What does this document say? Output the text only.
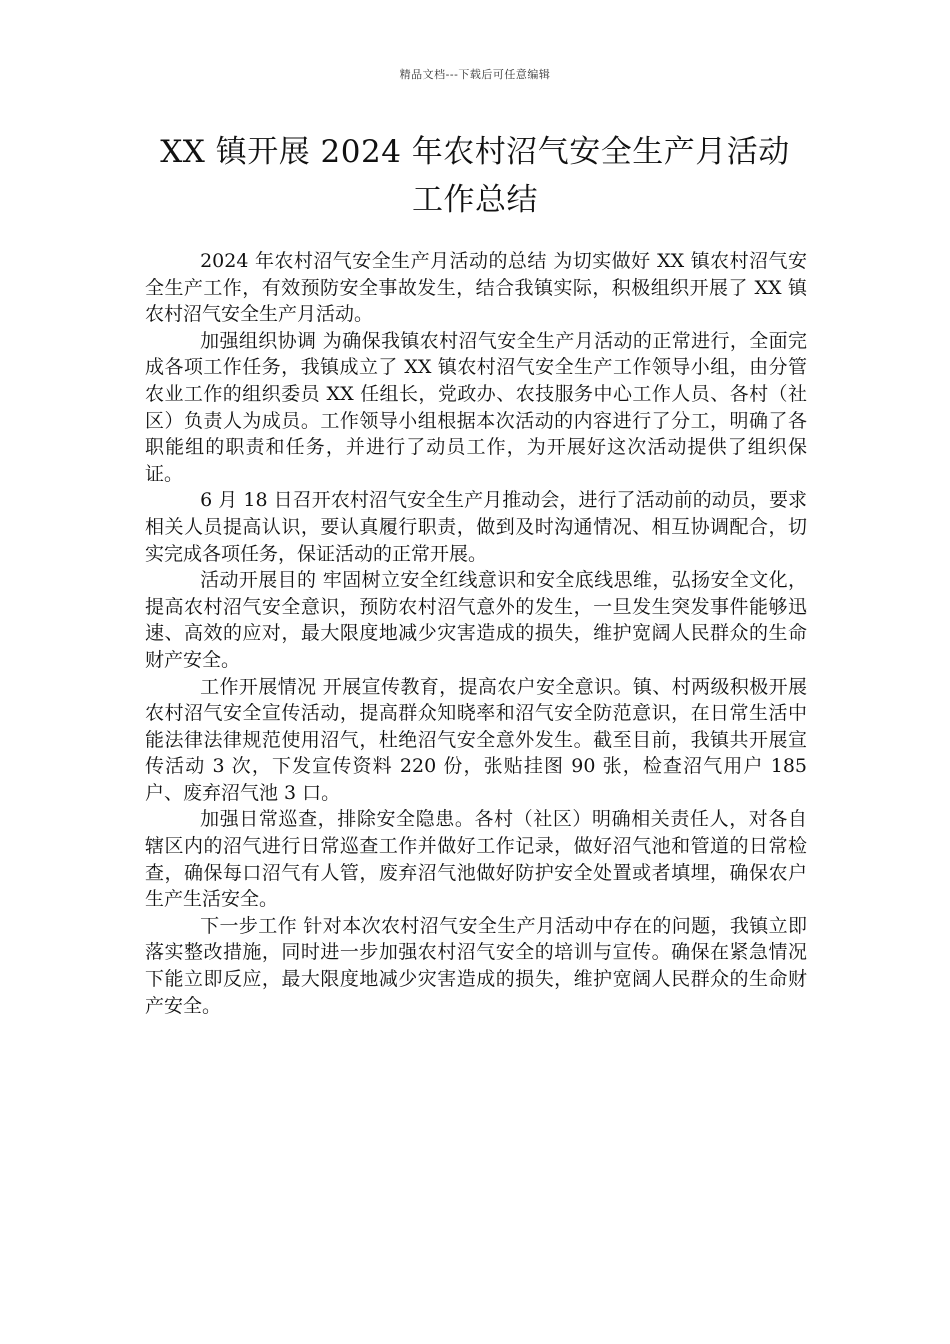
精品文档---下载后可任意编辑
XX 镇开展 2024 年农村沼气安全生产月活动
工作总结

2024 年农村沼气安全生产月活动的总结 为切实做好 XX 镇农村沼气安全生产工作，有效预防安全事故发生，结合我镇实际，积极组织开展了 XX 镇农村沼气安全生产月活动。

加强组织协调 为确保我镇农村沼气安全生产月活动的正常进行，全面完成各项工作任务，我镇成立了 XX 镇农村沼气安全生产工作领导小组，由分管农业工作的组织委员 XX 任组长，党政办、农技服务中心工作人员、各村（社区）负责人为成员。工作领导小组根据本次活动的内容进行了分工，明确了各职能组的职责和任务，并进行了动员工作，为开展好这次活动提供了组织保证。

6 月 18 日召开农村沼气安全生产月推动会，进行了活动前的动员，要求相关人员提高认识，要认真履行职责，做到及时沟通情况、相互协调配合，切实完成各项任务，保证活动的正常开展。

活动开展目的 牢固树立安全红线意识和安全底线思维，弘扬安全文化，提高农村沼气安全意识，预防农村沼气意外的发生，一旦发生突发事件能够迅速、高效的应对，最大限度地减少灾害造成的损失，维护宽阔人民群众的生命财产安全。

工作开展情况 开展宣传教育，提高农户安全意识。镇、村两级积极开展农村沼气安全宣传活动，提高群众知晓率和沼气安全防范意识，在日常生活中能法律法律规范使用沼气，杜绝沼气安全意外发生。截至目前，我镇共开展宣传活动 3 次，下发宣传资料 220 份，张贴挂图 90 张，检查沼气用户 185 户、废弃沼气池 3 口。

加强日常巡查，排除安全隐患。各村（社区）明确相关责任人，对各自辖区内的沼气进行日常巡查工作并做好工作记录，做好沼气池和管道的日常检查，确保每口沼气有人管，废弃沼气池做好防护安全处置或者填埋，确保农户生产生活安全。

下一步工作 针对本次农村沼气安全生产月活动中存在的问题，我镇立即落实整改措施，同时进一步加强农村沼气安全的培训与宣传。确保在紧急情况下能立即反应，最大限度地减少灾害造成的损失，维护宽阔人民群众的生命财产安全。
